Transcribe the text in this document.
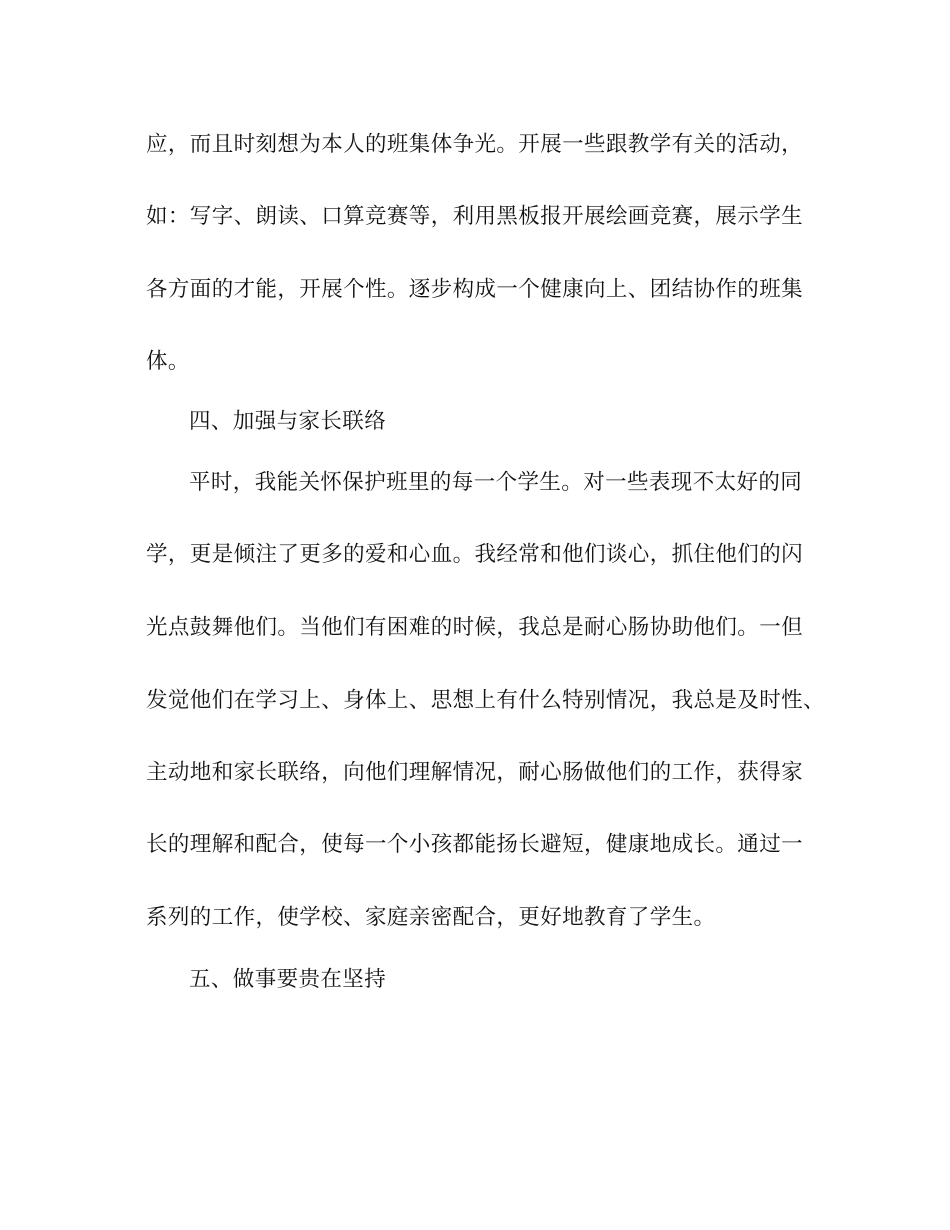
应，而且时刻想为本人的班集体争光。开展一些跟教学有关的活动，
如：写字、朗读、口算竞赛等，利用黑板报开展绘画竞赛，展示学生
各方面的才能，开展个性。逐步构成一个健康向上、团结协作的班集
体。
四、加强与家长联络
平时，我能关怀保护班里的每一个学生。对一些表现不太好的同
学，更是倾注了更多的爱和心血。我经常和他们谈心，抓住他们的闪
光点鼓舞他们。当他们有困难的时候，我总是耐心肠协助他们。一但
发觉他们在学习上、身体上、思想上有什么特别情况，我总是及时性、
主动地和家长联络，向他们理解情况，耐心肠做他们的工作，获得家
长的理解和配合，使每一个小孩都能扬长避短，健康地成长。通过一
系列的工作，使学校、家庭亲密配合，更好地教育了学生。
五、做事要贵在坚持
